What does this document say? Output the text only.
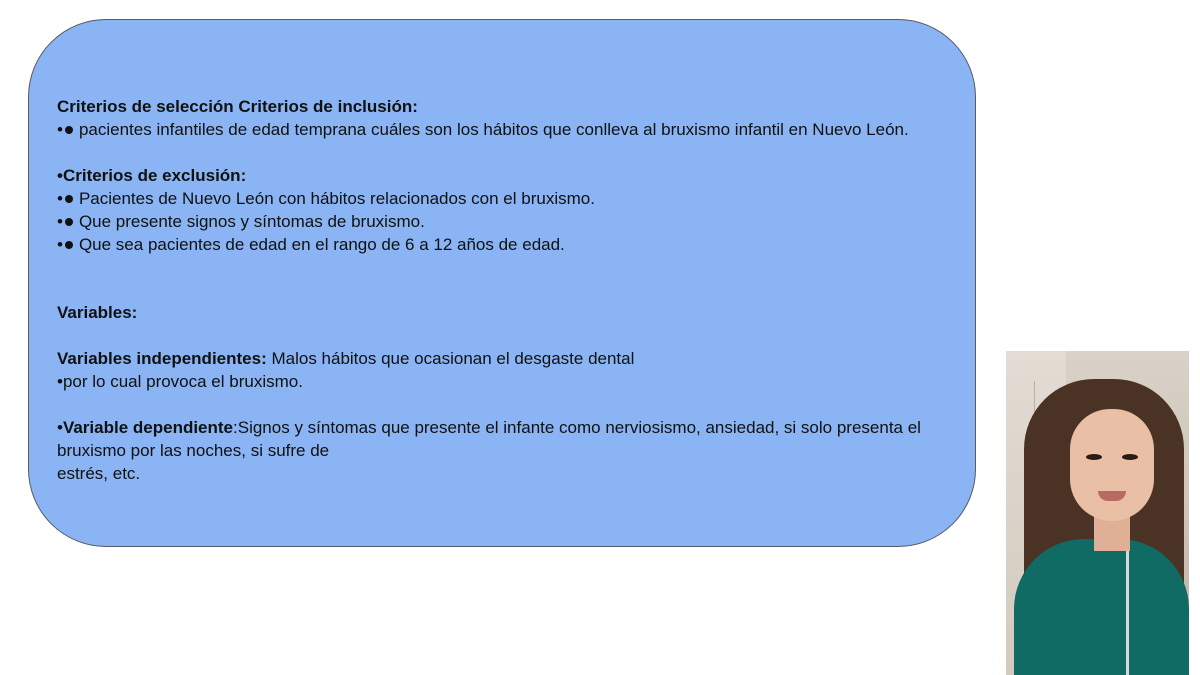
Criterios de selección Criterios de inclusión:

• pacientes infantiles de edad temprana cuáles son los hábitos que conlleva al bruxismo infantil en Nuevo León.

•Criterios de exclusión:

• Pacientes de Nuevo León con hábitos relacionados con el bruxismo.

• Que presente signos y síntomas de bruxismo.

• Que sea pacientes de edad en el rango de 6 a 12 años de edad.

Variables:

Variables independientes: Malos hábitos que ocasionan el desgaste dental

•por lo cual provoca el bruxismo.

•Variable dependiente:Signos y síntomas que presente el infante como nerviosismo, ansiedad, si solo presenta el bruxismo por las noches, si sufre de

estrés, etc.
